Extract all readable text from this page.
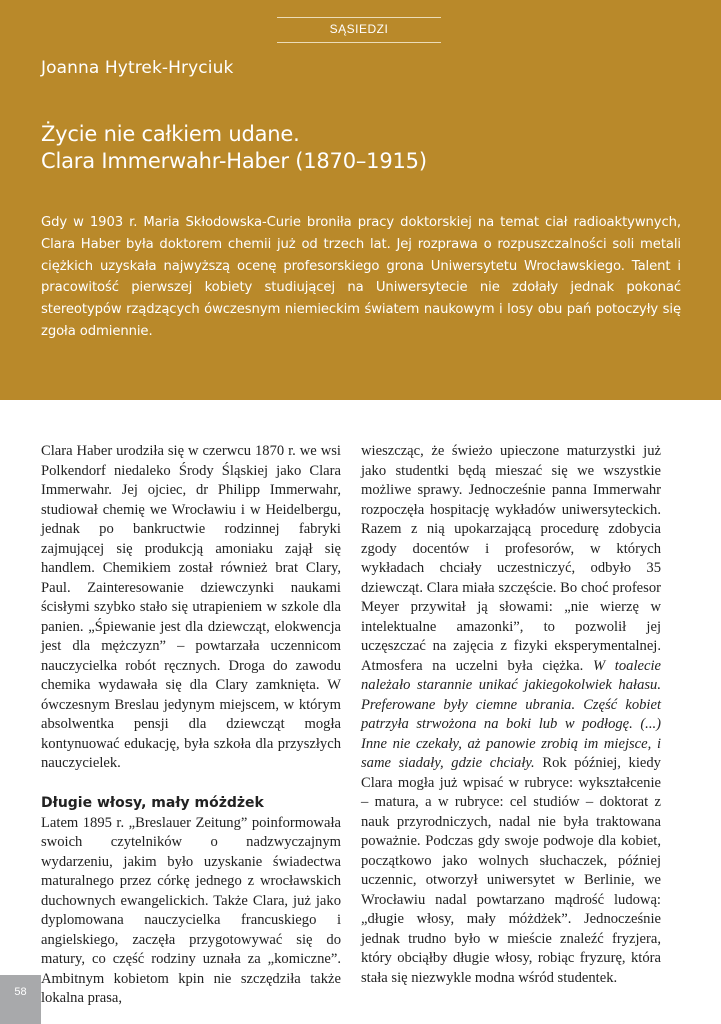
SĄSIEDZI
Joanna Hytrek-Hryciuk
Życie nie całkiem udane.
Clara Immerwahr-Haber (1870–1915)
Gdy w 1903 r. Maria Skłodowska-Curie broniła pracy doktorskiej na temat ciał radioaktywnych, Clara Haber była doktorem chemii już od trzech lat. Jej rozprawa o rozpuszczalności soli metali ciężkich uzyskała najwyższą ocenę profesorskiego grona Uniwersytetu Wrocławskiego. Talent i pracowitość pierwszej kobiety studiującej na Uniwersytecie nie zdołały jednak pokonać stereotypów rządzących ówczesnym niemieckim światem naukowym i losy obu pań potoczyły się zgoła odmiennie.

Clara Haber urodziła się w czerwcu 1870 r. we wsi Polkendorf niedaleko Środy Śląskiej jako Clara Immerwahr. Jej ojciec, dr Philipp Immerwahr, studiował chemię we Wrocławiu i w Heidelbergu, jednak po bankructwie rodzinnej fabryki zajmującej się produkcją amoniaku zajął się handlem. Chemikiem został również brat Clary, Paul. Zainteresowanie dziewczynki naukami ścisłymi szybko stało się utrapieniem w szkole dla panien. „Śpiewanie jest dla dziewcząt, elokwencja jest dla mężczyzn” – powtarzała uczennicom nauczycielka robót ręcznych. Droga do zawodu chemika wydawała się dla Clary zamknięta. W ówczesnym Breslau jedynym miejscem, w którym absolwentka pensji dla dziewcząt mogła kontynuować edukację, była szkoła dla przyszłych nauczycielek.

Długie włosy, mały móżdżek

Latem 1895 r. „Breslauer Zeitung” poinformowała swoich czytelników o nadzwyczajnym wydarzeniu, jakim było uzyskanie świadectwa maturalnego przez córkę jednego z wrocławskich duchownych ewangelickich. Także Clara, już jako dyplomowana nauczycielka francuskiego i angielskiego, zaczęła przygotowywać się do matury, co część rodziny uznała za „komiczne”. Ambitnym kobietom kpin nie szczędziła także lokalna prasa,

wieszcząc, że świeżo upieczone maturzystki już jako studentki będą mieszać się we wszystkie możliwe sprawy. Jednocześnie panna Immerwahr rozpoczęła hospitację wykładów uniwersyteckich. Razem z nią upokarzającą procedurę zdobycia zgody docentów i profesorów, w których wykładach chciały uczestniczyć, odbyło 35 dziewcząt. Clara miała szczęście. Bo choć profesor Meyer przywitał ją słowami: „nie wierzę w intelektualne amazonki”, to pozwolił jej uczęszczać na zajęcia z fizyki eksperymentalnej. Atmosfera na uczelni była ciężka. W toalecie należało starannie unikać jakiegokolwiek hałasu. Preferowane były ciemne ubrania. Część kobiet patrzyła strwożona na boki lub w podłogę. (...) Inne nie czekały, aż panowie zrobią im miejsce, i same siadały, gdzie chciały. Rok później, kiedy Clara mogła już wpisać w rubryce: wykształcenie – matura, a w rubryce: cel studiów – doktorat z nauk przyrodniczych, nadal nie była traktowana poważnie. Podczas gdy swoje podwoje dla kobiet, początkowo jako wolnych słuchaczek, później uczennic, otworzył uniwersytet w Berlinie, we Wrocławiu nadal powtarzano mądrość ludową: „długie włosy, mały móżdżek”. Jednocześnie jednak trudno było w mieście znaleźć fryzjera, który obciąłby długie włosy, robiąc fryzurę, która stała się niezwykle modna wśród studentek.

58
